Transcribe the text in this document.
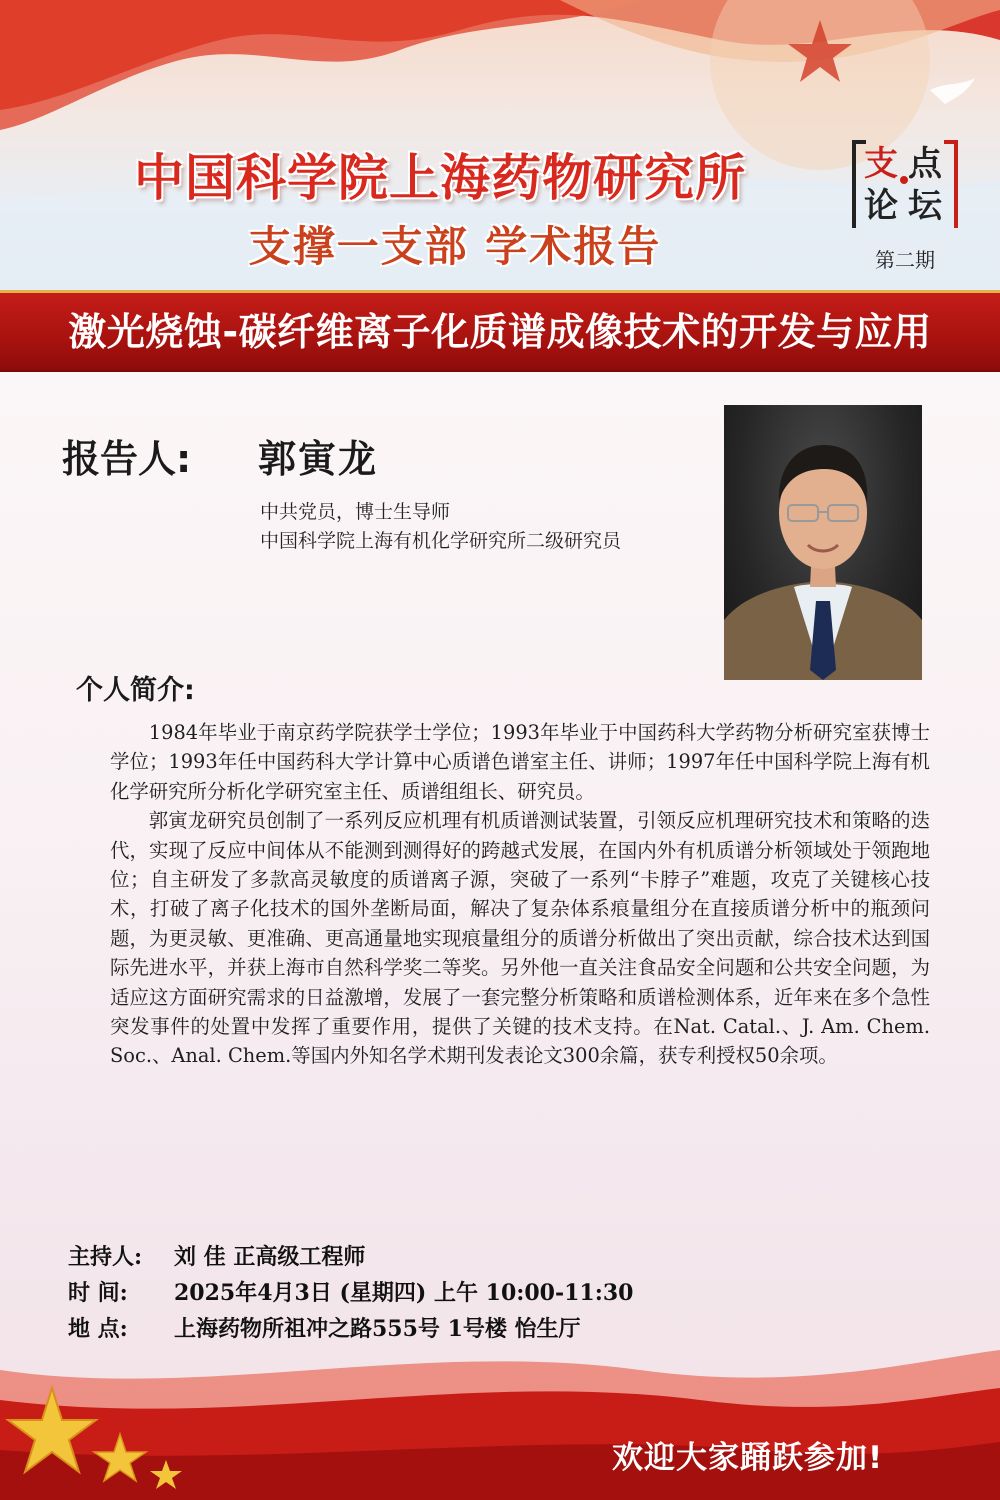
中国科学院上海药物研究所
支撑一支部 学术报告
支 点
论 坛
第二期
激光烧蚀-碳纤维离子化质谱成像技术的开发与应用
报告人: 郭寅龙
中共党员，博士生导师
中国科学院上海有机化学研究所二级研究员
个人简介:

1984年毕业于南京药学院获学士学位；1993年毕业于中国药科大学药物分析研究室获博士学位；1993年任中国药科大学计算中心质谱色谱室主任、讲师；1997年任中国科学院上海有机化学研究所分析化学研究室主任、质谱组组长、研究员。

郭寅龙研究员创制了一系列反应机理有机质谱测试装置，引领反应机理研究技术和策略的迭代，实现了反应中间体从不能测到测得好的跨越式发展，在国内外有机质谱分析领域处于领跑地位；自主研发了多款高灵敏度的质谱离子源，突破了一系列“卡脖子”难题，攻克了关键核心技术，打破了离子化技术的国外垄断局面，解决了复杂体系痕量组分在直接质谱分析中的瓶颈问题，为更灵敏、更准确、更高通量地实现痕量组分的质谱分析做出了突出贡献，综合技术达到国际先进水平，并获上海市自然科学奖二等奖。另外他一直关注食品安全问题和公共安全问题，为适应这方面研究需求的日益激增，发展了一套完整分析策略和质谱检测体系，近年来在多个急性突发事件的处置中发挥了重要作用，提供了关键的技术支持。在Nat. Catal.、J. Am. Chem. Soc.、Anal. Chem.等国内外知名学术期刊发表论文300余篇，获专利授权50余项。

主持人: 刘 佳 正高级工程师
时 间: 2025年4月3日 (星期四) 上午 10:00-11:30
地 点: 上海药物所祖冲之路555号 1号楼 怡生厅
欢迎大家踊跃参加!
